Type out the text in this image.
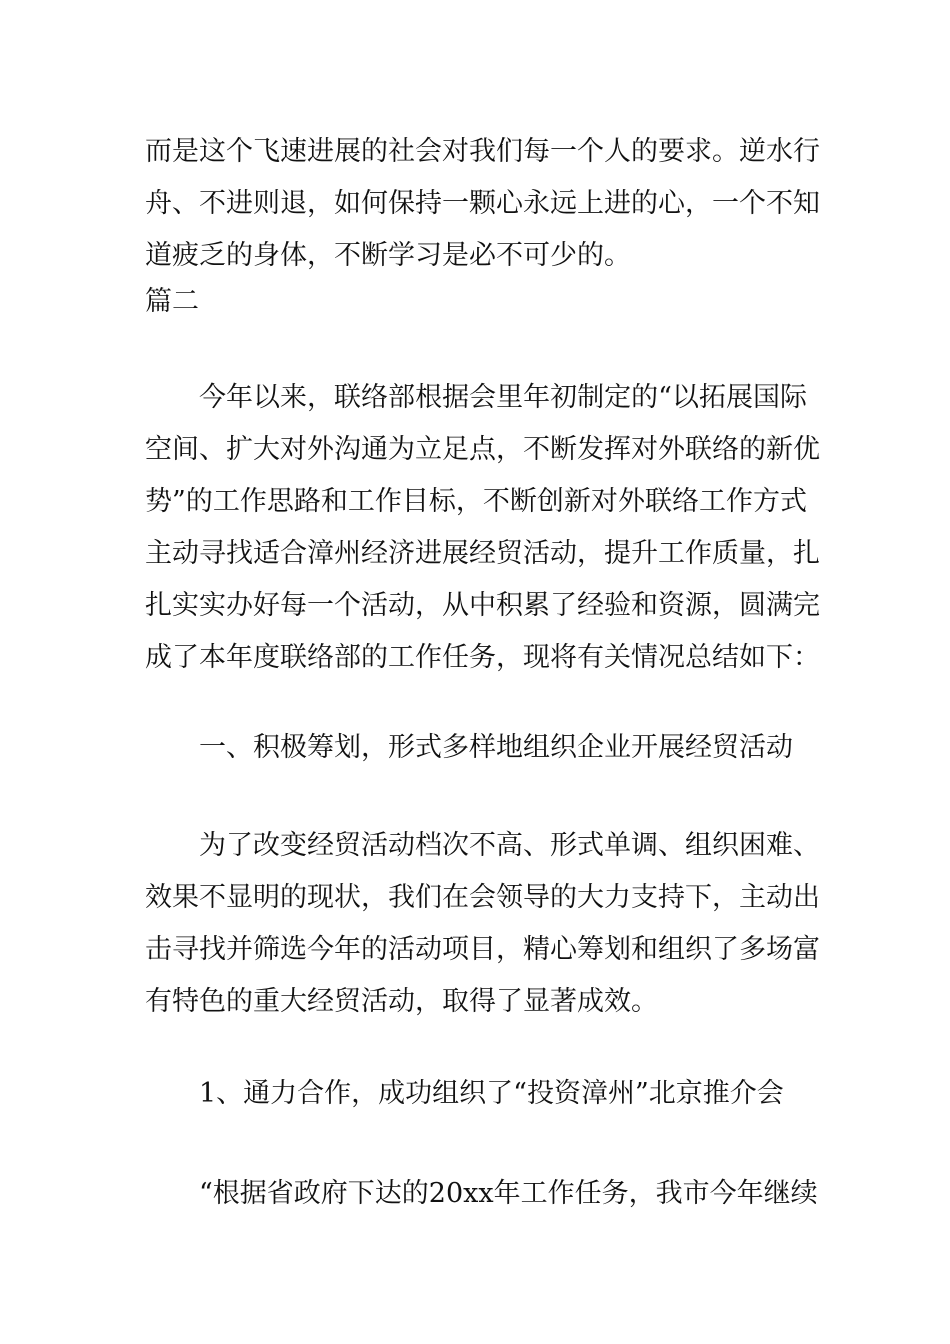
而是这个飞速进展的社会对我们每一个人的要求。逆水行
舟、不进则退，如何保持一颗心永远上进的心，一个不知
道疲乏的身体，不断学习是必不可少的。
篇二
今年以来，联络部根据会里年初制定的“以拓展国际
空间、扩大对外沟通为立足点，不断发挥对外联络的新优
势”的工作思路和工作目标，不断创新对外联络工作方式
主动寻找适合漳州经济进展经贸活动，提升工作质量，扎
扎实实办好每一个活动，从中积累了经验和资源，圆满完
成了本年度联络部的工作任务，现将有关情况总结如下：
一、积极筹划，形式多样地组织企业开展经贸活动
为了改变经贸活动档次不高、形式单调、组织困难、
效果不显明的现状，我们在会领导的大力支持下，主动出
击寻找并筛选今年的活动项目，精心筹划和组织了多场富
有特色的重大经贸活动，取得了显著成效。
1、通力合作，成功组织了“投资漳州”北京推介会
“根据省政府下达的20xx年工作任务，我市今年继续
